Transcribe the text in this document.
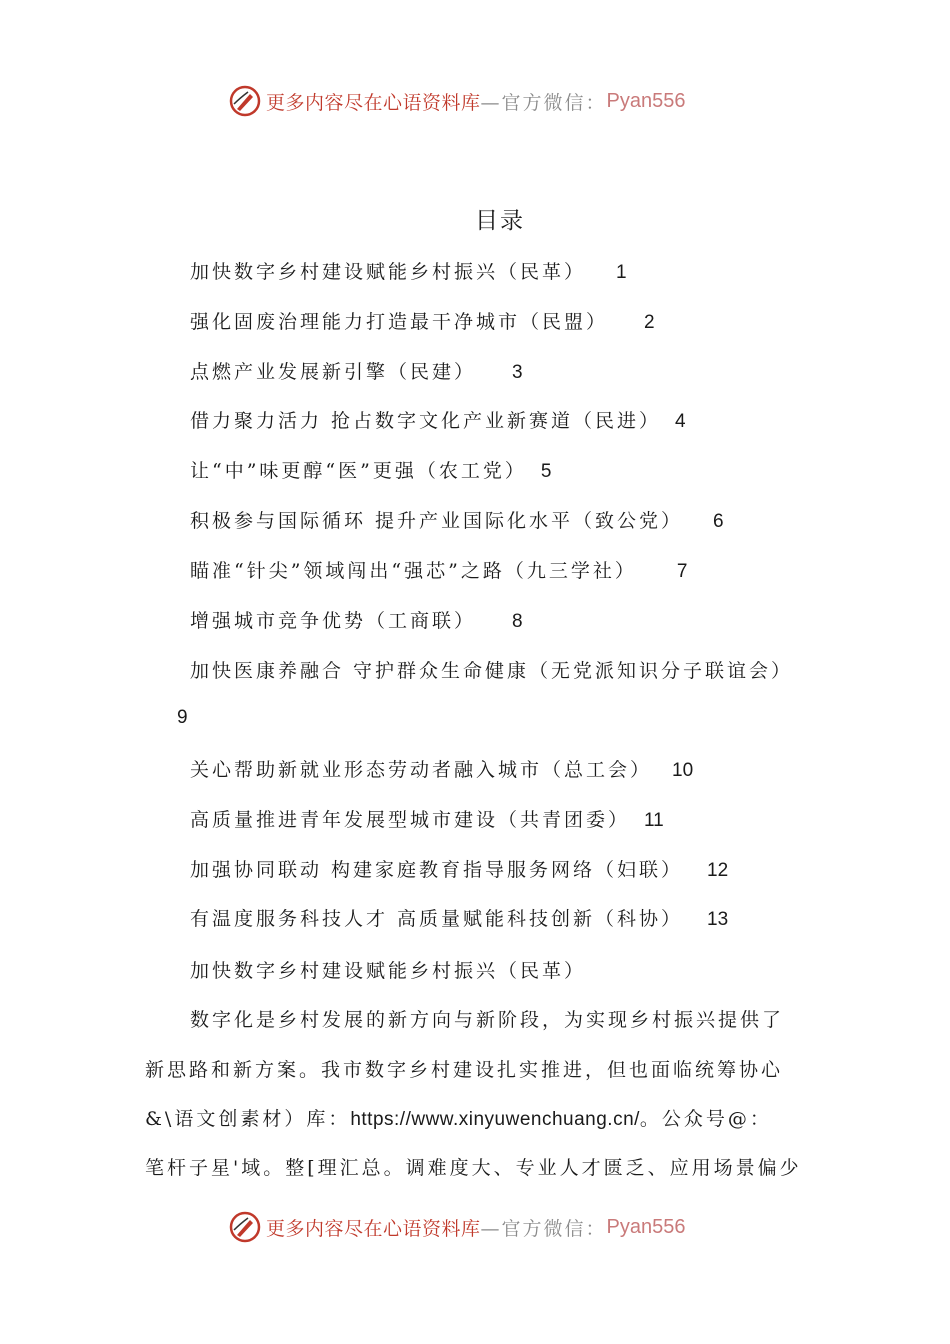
更多内容尽在心语资料库 —官方微信： Pyan556
目录
加快数字乡村建设赋能乡村振兴（民革） 1
强化固废治理能力打造最干净城市（民盟） 2
点燃产业发展新引擎（民建） 3
借力聚力活力 抢占数字文化产业新赛道（民进） 4
让“中”味更醇“医”更强（农工党） 5
积极参与国际循环 提升产业国际化水平（致公党） 6
瞄准“针尖”领域闯出“强芯”之路（九三学社） 7
增强城市竞争优势（工商联） 8
加快医康养融合 守护群众生命健康（无党派知识分子联谊会）
9
关心帮助新就业形态劳动者融入城市（总工会） 10
高质量推进青年发展型城市建设（共青团委） 11
加强协同联动 构建家庭教育指导服务网络（妇联） 12
有温度服务科技人才 高质量赋能科技创新（科协） 13
加快数字乡村建设赋能乡村振兴（民革）
数字化是乡村发展的新方向与新阶段，为实现乡村振兴提供了
新思路和新方案。我市数字乡村建设扎实推进，但也面临统筹协心
&\语文创素材）库：https://www.xinyuwenchuang.cn/。公众号@：
笔杆子星'域。整[理汇总。调难度大、专业人才匮乏、应用场景偏少
更多内容尽在心语资料库 —官方微信： Pyan556
